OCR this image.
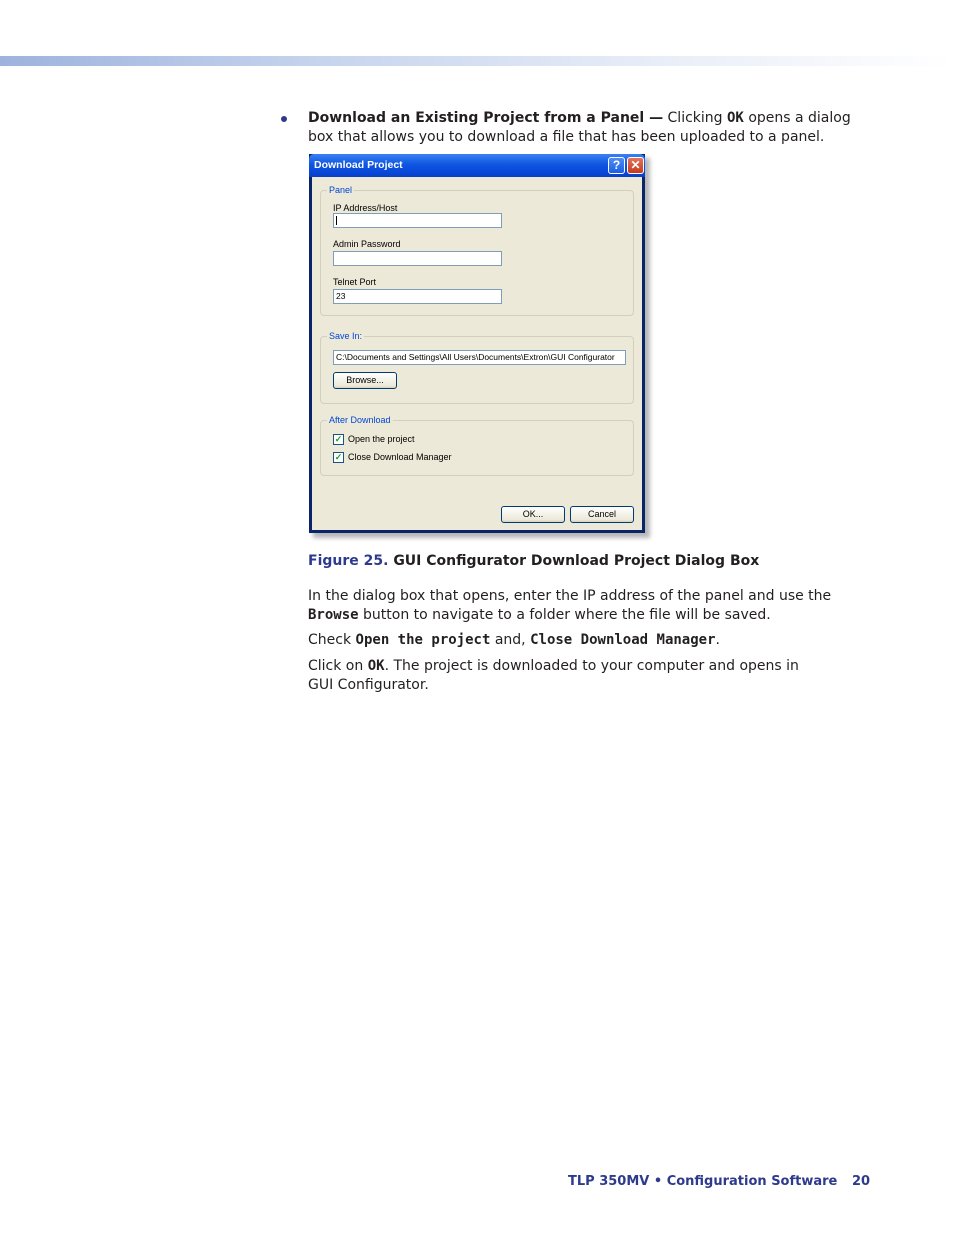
Download an Existing Project from a Panel — Clicking OK opens a dialog box that allows you to download a file that has been uploaded to a panel.
Download Project	? ✕
Panel
IP Address/Host
Admin Password
Telnet Port
23
Save In:
C:\Documents and Settings\All Users\Documents\Extron\GUI Configurator
Browse...
After Download
✓ Open the project
✓ Close Download Manager
OK...	Cancel
Figure 25. GUI Configurator Download Project Dialog Box
In the dialog box that opens, enter the IP address of the panel and use the Browse button to navigate to a folder where the file will be saved.
Check Open the project and, Close Download Manager.
Click on OK. The project is downloaded to your computer and opens in
GUI Configurator.
TLP 350MV • Configuration Software 20
